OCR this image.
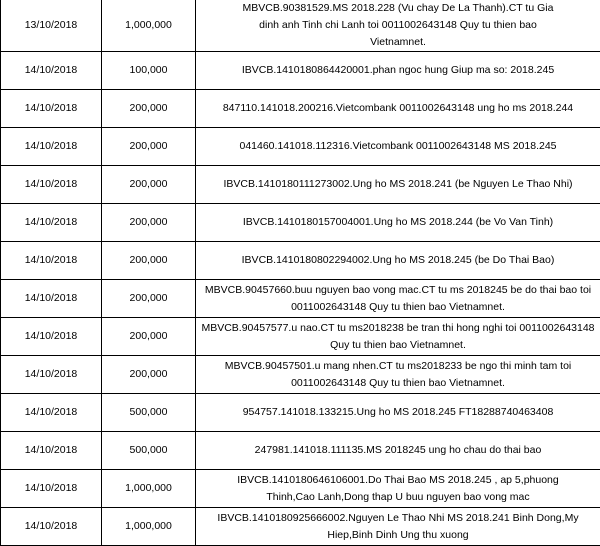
13/10/2018	1,000,000	MBVCB.90381529.MS 2018.228 (Vu chay De La Thanh).CT tu Gia dinh anh Tinh chi Lanh toi 0011002643148 Quy tu thien bao Vietnamnet.
14/10/2018	100,000	IBVCB.1410180864420001.phan ngoc hung Giup ma so: 2018.245
14/10/2018	200,000	847110.141018.200216.Vietcombank 0011002643148 ung ho ms 2018.244
14/10/2018	200,000	041460.141018.112316.Vietcombank 0011002643148 MS 2018.245
14/10/2018	200,000	IBVCB.1410180111273002.Ung ho MS 2018.241 (be Nguyen Le Thao Nhi)
14/10/2018	200,000	IBVCB.1410180157004001.Ung ho MS 2018.244 (be Vo Van Tinh)
14/10/2018	200,000	IBVCB.1410180802294002.Ung ho MS 2018.245 (be Do Thai Bao)
14/10/2018	200,000	MBVCB.90457660.buu nguyen bao vong mac.CT tu ms 2018245 be do thai bao toi 0011002643148 Quy tu thien bao Vietnamnet.
14/10/2018	200,000	MBVCB.90457577.u nao.CT tu ms2018238 be tran thi hong nghi toi 0011002643148 Quy tu thien bao Vietnamnet.
14/10/2018	200,000	MBVCB.90457501.u mang nhen.CT tu ms2018233 be ngo thi minh tam toi 0011002643148 Quy tu thien bao Vietnamnet.
14/10/2018	500,000	954757.141018.133215.Ung ho MS 2018.245 FT18288740463408
14/10/2018	500,000	247981.141018.111135.MS 2018245 ung ho chau do thai bao
14/10/2018	1,000,000	IBVCB.1410180646106001.Do Thai Bao MS 2018.245 , ap 5,phuong Thinh,Cao Lanh,Dong thap U buu nguyen bao vong mac
14/10/2018	1,000,000	IBVCB.1410180925666002.Nguyen Le Thao Nhi MS 2018.241 Binh Dong,My Hiep,Binh Dinh Ung thu xuong
